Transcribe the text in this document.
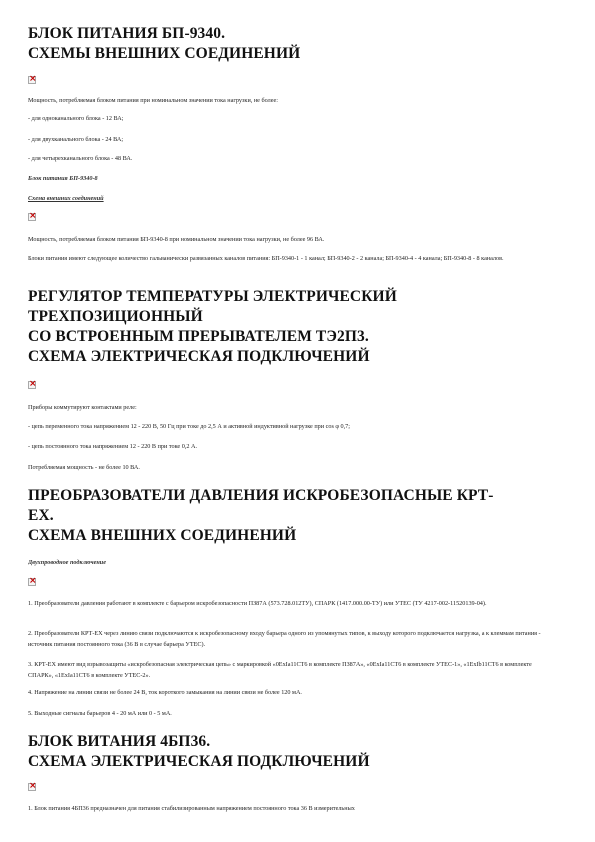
БЛОК ПИТАНИЯ БП-9340.
СХЕМЫ ВНЕШНИХ СОЕДИНЕНИЙ
×

Мощность, потребляемая блоком питания при номинальном значении тока нагрузки, не более:

- для одноканального блока - 12 ВА;

- для двухканального блока - 24 ВА;

- для четырехканального блока - 48 ВА.

Блок питания БП-9340-8

Схема внешних соединений

×

Мощность, потребляемая блоком питания БП-9340-8 при номинальном значении тока нагрузки, не более 96 ВА.

Блоки питания имеют следующее количество гальванически развязанных каналов питания: БП-9340-1 - 1 канал; БП-9340-2 - 2 канала; БП-9340-4 - 4 канала; БП-9340-8 - 8 каналов.

РЕГУЛЯТОР ТЕМПЕРАТУРЫ ЭЛЕКТРИЧЕСКИЙ
ТРЕХПОЗИЦИОННЫЙ
СО ВСТРОЕННЫМ ПРЕРЫВАТЕЛЕМ ТЭ2П3.
СХЕМА ЭЛЕКТРИЧЕСКАЯ ПОДКЛЮЧЕНИЙ
×

Приборы коммутируют контактами реле:

- цепь переменного тока напряжением 12 - 220 В, 50 Гц при токе до 2,5 А и активной индуктивной нагрузке при cos φ 0,7;

- цепь постоянного тока напряжением 12 - 220 В при токе 0,2 А.

Потребляемая мощность - не более 10 ВА.

ПРЕОБРАЗОВАТЕЛИ ДАВЛЕНИЯ ИСКРОБЕЗОПАСНЫЕ КРТ-
EX.
СХЕМА ВНЕШНИХ СОЕДИНЕНИЙ

Двухпроводное подключение

×

1. Преобразователи давления работают в комплекте с барьером искробезопасности ПЗ87А (573.728.012ТУ), СПАРК (1417.000.00-ТУ) или УТЕС (ТУ 4217-002-11520139-04).

2. Преобразователи КРТ-EX через линию связи подключаются к искробезопасному входу барьера одного из упомянутых типов, к выходу которого подключается нагрузка, а к клеммам питания - источник питания постоянного тока (36 В в случае барьера УТЕС).

3. КРТ-EX имеют вид взрывозащиты «искробезопасная электрическая цепь» с маркировкой «0ExIa11CT6 в комплекте ПЗ87А», «0ExIa11CT6 в комплекте УТЕС-1», «1ExIb11CT6 в комплекте СПАРК», «1ExIa11CT6 в комплекте УТЕС-2».

4. Напряжение на линии связи не более 24 В, ток короткого замыкания на линии связи не более 120 мА.

5. Выходные сигналы барьеров 4 - 20 мА или 0 - 5 мА.

БЛОК ВИТАНИЯ 4БП36.
СХЕМА ЭЛЕКТРИЧЕСКАЯ ПОДКЛЮЧЕНИЙ
×

1. Блок питания 4БП36 предназначен для питания стабилизированным напряжением постоянного тока 36 В измерительных
